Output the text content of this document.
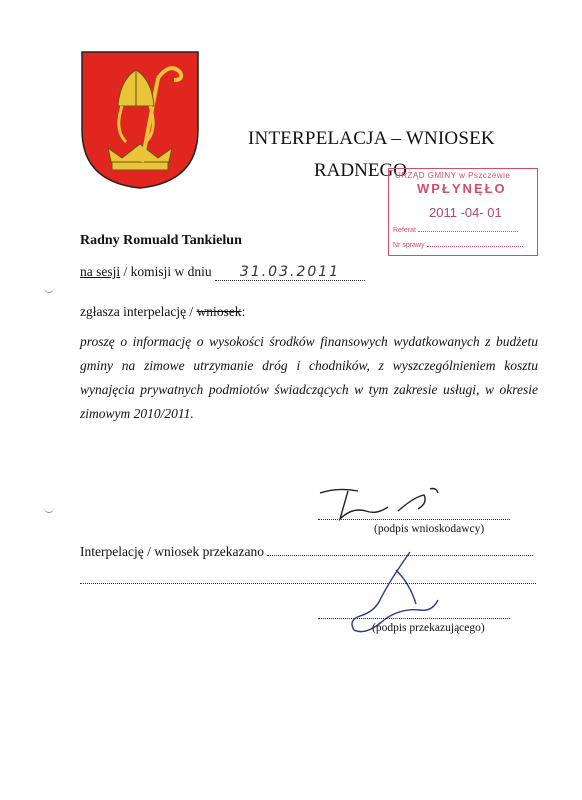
INTERPELACJA – WNIOSEK
RADNEGO
URZĄD GMINY w Pszczewie
WPŁYNĘŁO
2011 -04- 01
Referat
Nr sprawy
Radny Romuald Tankielun
na sesji / komisji w dniu 31.03.2011
zgłasza interpelację / wniosek:
proszę o informację o wysokości środków finansowych wydatkowanych z budżetu gminy na zimowe utrzymanie dróg i chodników, z wyszczególnieniem kosztu wynajęcia prywatnych podmiotów świadczących w tym zakresie usługi, w okresie zimowym 2010/2011.
(podpis wnioskodawcy)
Interpelację / wniosek przekazano
(podpis przekazującego)
